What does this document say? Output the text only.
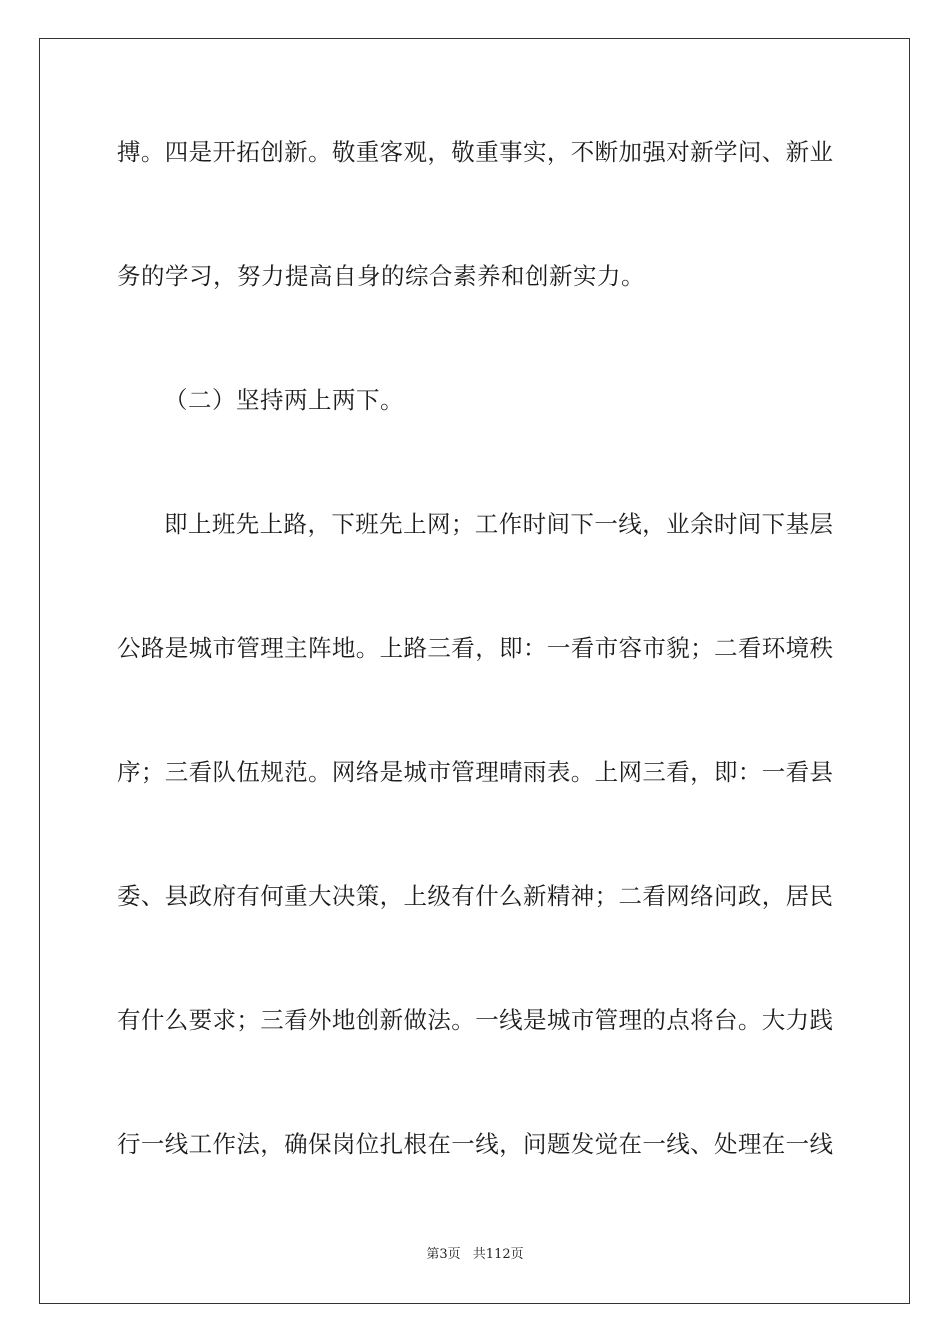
搏。四是开拓创新。敬重客观，敬重事实，不断加强对新学问、新业
务的学习，努力提高自身的综合素养和创新实力。
（二）坚持两上两下。
即上班先上路，下班先上网；工作时间下一线，业余时间下基层
公路是城市管理主阵地。上路三看，即：一看市容市貌；二看环境秩
序；三看队伍规范。网络是城市管理晴雨表。上网三看，即：一看县
委、县政府有何重大决策，上级有什么新精神；二看网络问政，居民
有什么要求；三看外地创新做法。一线是城市管理的点将台。大力践
行一线工作法，确保岗位扎根在一线，问题发觉在一线、处理在一线
第3页 共112页
